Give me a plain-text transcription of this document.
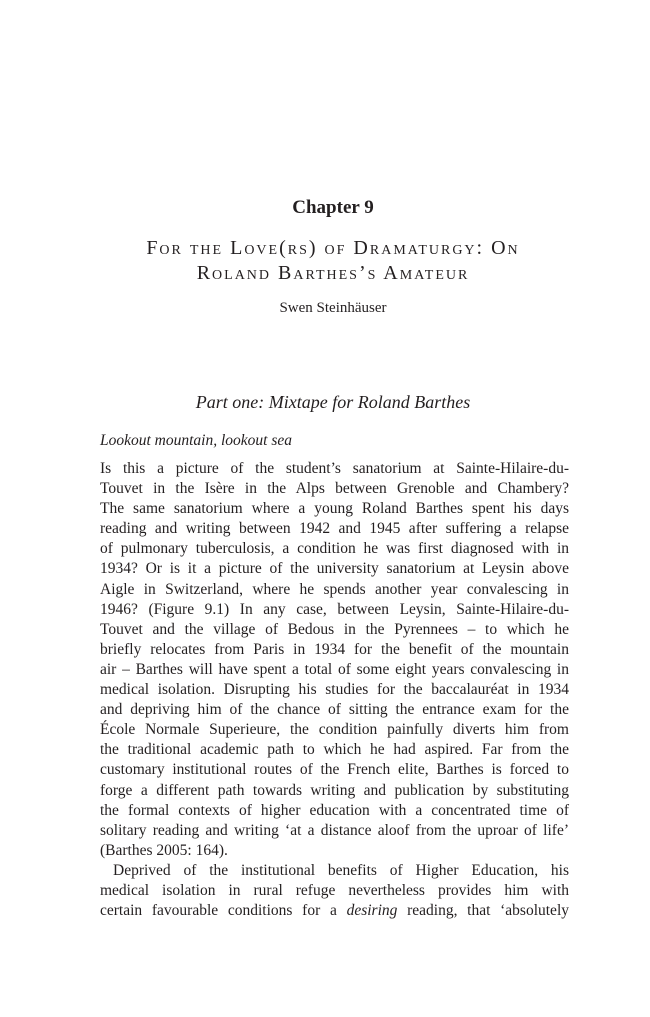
Chapter 9
For the Love(rs) of Dramaturgy: On
Roland Barthes’s Amateur
Swen Steinhäuser
Part one: Mixtape for Roland Barthes
Lookout mountain, lookout sea
Is this a picture of the student’s sanatorium at Sainte-Hilaire-du-
Touvet in the Isère in the Alps between Grenoble and Chambery?
The same sanatorium where a young Roland Barthes spent his days
reading and writing between 1942 and 1945 after suffering a relapse
of pulmonary tuberculosis, a condition he was first diagnosed with in
1934? Or is it a picture of the university sanatorium at Leysin above
Aigle in Switzerland, where he spends another year convalescing in
1946? (Figure 9.1) In any case, between Leysin, Sainte-Hilaire-du-
Touvet and the village of Bedous in the Pyrennees – to which he
briefly relocates from Paris in 1934 for the benefit of the mountain
air – Barthes will have spent a total of some eight years convalescing in
medical isolation. Disrupting his studies for the baccalauréat in 1934
and depriving him of the chance of sitting the entrance exam for the
École Normale Superieure, the condition painfully diverts him from
the traditional academic path to which he had aspired. Far from the
customary institutional routes of the French elite, Barthes is forced to
forge a different path towards writing and publication by substituting
the formal contexts of higher education with a concentrated time of
solitary reading and writing ‘at a distance aloof from the uproar of life’
(Barthes 2005: 164).
Deprived of the institutional benefits of Higher Education, his
medical isolation in rural refuge nevertheless provides him with
certain favourable conditions for a desiring reading, that ‘absolutely
